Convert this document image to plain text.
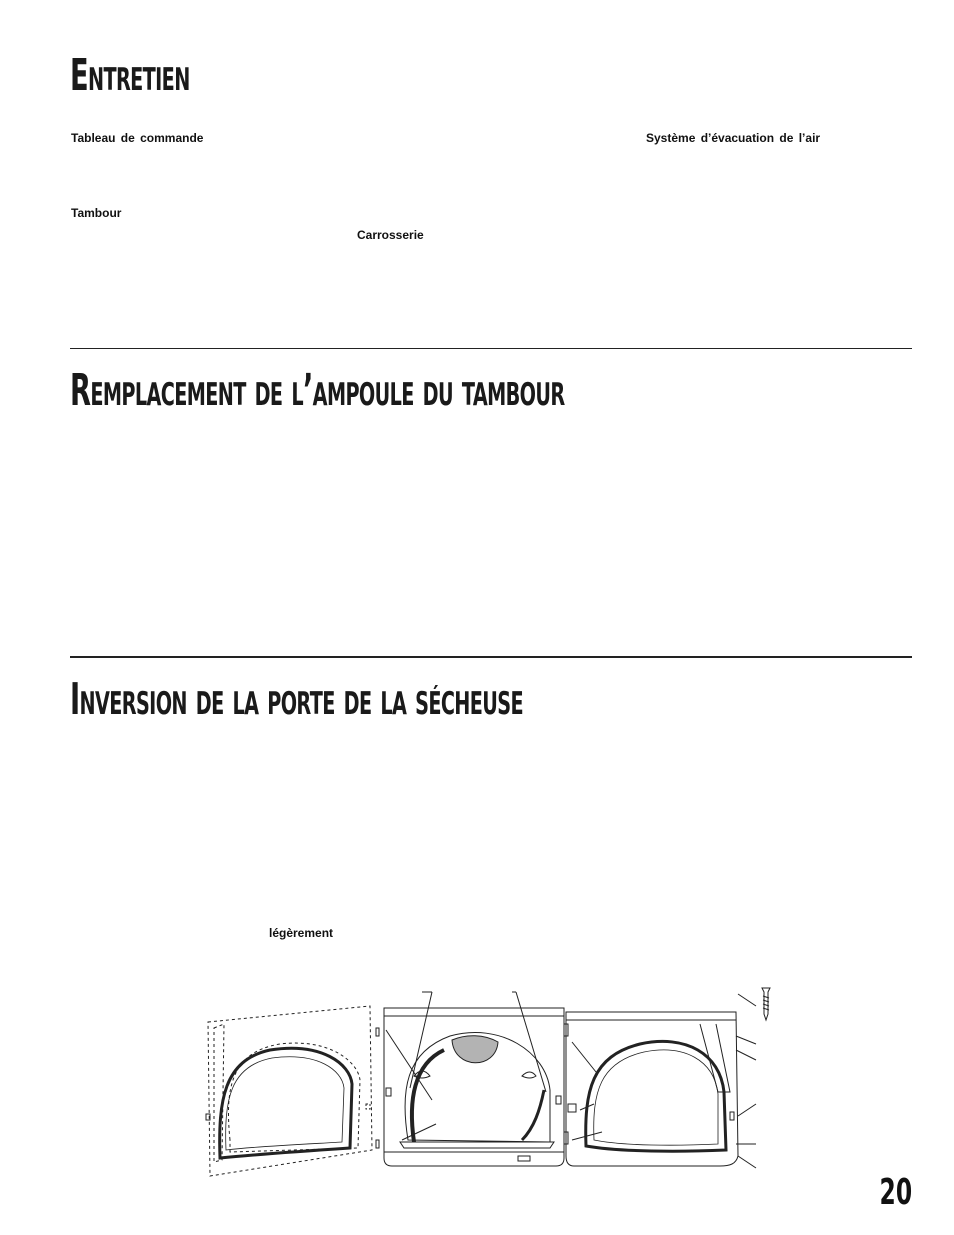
Entretien
Tableau de commande	Système d’évacuation de l’air
Tambour
Carrosserie
Remplacement de l’ampoule du tambour
Inversion de la porte de la sécheuse
légèrement
20
